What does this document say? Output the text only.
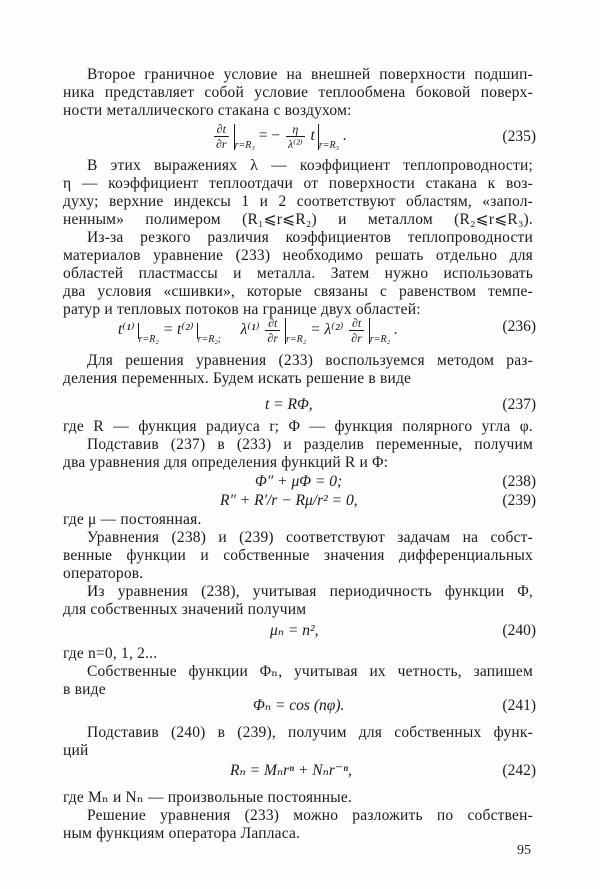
Второе граничное условие на внешней поверхности подшип-
ника представляет собой условие теплообмена боковой поверх-
ности металлического стакана с воздухом:
В этих выражениях λ — коэффициент теплопроводности;
η — коэффициент теплоотдачи от поверхности стакана к воз-
духу; верхние индексы 1 и 2 соответствуют областям, «запол-
ненным» полимером (R₁⩽r⩽R₂) и металлом (R₂⩽r⩽R₃).
Из-за резкого различия коэффициентов теплопроводности
материалов уравнение (233) необходимо решать отдельно для
областей пластмассы и металла. Затем нужно использовать
два условия «сшивки», которые связаны с равенством темпе-
ратур и тепловых потоков на границе двух областей:
Для решения уравнения (233) воспользуемся методом раз-
деления переменных. Будем искать решение в виде
где R — функция радиуса r; Φ — функция полярного угла φ.
Подставив (237) в (233) и разделив переменные, получим
два уравнения для определения функций R и Φ:
где μ — постоянная.
Уравнения (238) и (239) соответствуют задачам на собст-
венные функции и собственные значения дифференциальных
операторов.
Из уравнения (238), учитывая периодичность функции Φ,
для собственных значений получим
где n=0, 1, 2...
Собственные функции Φₙ, учитывая их четность, запишем
в виде
Подставив (240) в (239), получим для собственных функ-
ций
где Mₙ и Nₙ — произвольные постоянные.
Решение уравнения (233) можно разложить по собствен-
ным функциям оператора Лапласа.
$\frac{\partial t}{\partial r} _{r=R_3}$ = − $\frac{\eta}{\text{λ⁽²⁾}} t_{r=R_3}$ .	(235)
$t^{(1)}_{r=R_2} = t^{(2)}_{r=R_2;}$     $\lambda^{(1)} \frac{\partial t}{\partial r} _{r=R_2} = \lambda^{(2)} \frac{\partial t}{\partial r} _{r=R_2}$ .	(236)
t = RΦ,	(237)
Φ″ + μΦ = 0;	(238)
R″ + R′/r − Rμ/r² = 0,	(239)
μₙ = n²,	(240)
Φₙ = cos (nφ).	(241)
Rₙ = Mₙrⁿ + Nₙr⁻ⁿ,	(242)
95
